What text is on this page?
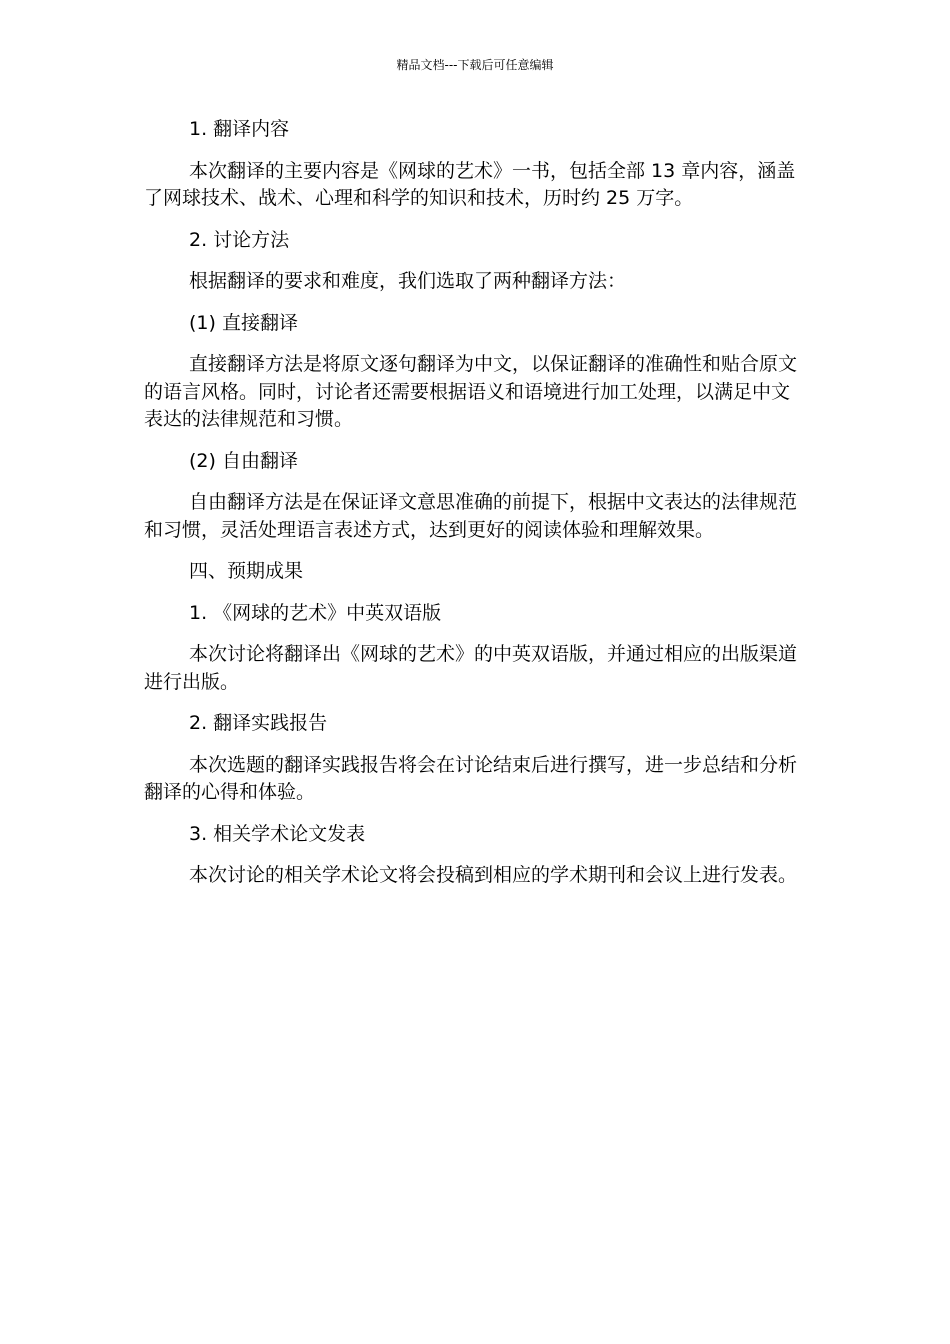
精品文档---下载后可任意编辑

1. 翻译内容

本次翻译的主要内容是《网球的艺术》一书，包括全部 13 章内容，涵盖了网球技术、战术、心理和科学的知识和技术，历时约 25 万字。

2. 讨论方法

根据翻译的要求和难度，我们选取了两种翻译方法：

(1) 直接翻译

直接翻译方法是将原文逐句翻译为中文，以保证翻译的准确性和贴合原文的语言风格。同时，讨论者还需要根据语义和语境进行加工处理，以满足中文表达的法律规范和习惯。

(2) 自由翻译

自由翻译方法是在保证译文意思准确的前提下，根据中文表达的法律规范和习惯，灵活处理语言表述方式，达到更好的阅读体验和理解效果。

四、预期成果

1. 《网球的艺术》中英双语版

本次讨论将翻译出《网球的艺术》的中英双语版，并通过相应的出版渠道进行出版。

2. 翻译实践报告

本次选题的翻译实践报告将会在讨论结束后进行撰写，进一步总结和分析翻译的心得和体验。

3. 相关学术论文发表

本次讨论的相关学术论文将会投稿到相应的学术期刊和会议上进行发表。
